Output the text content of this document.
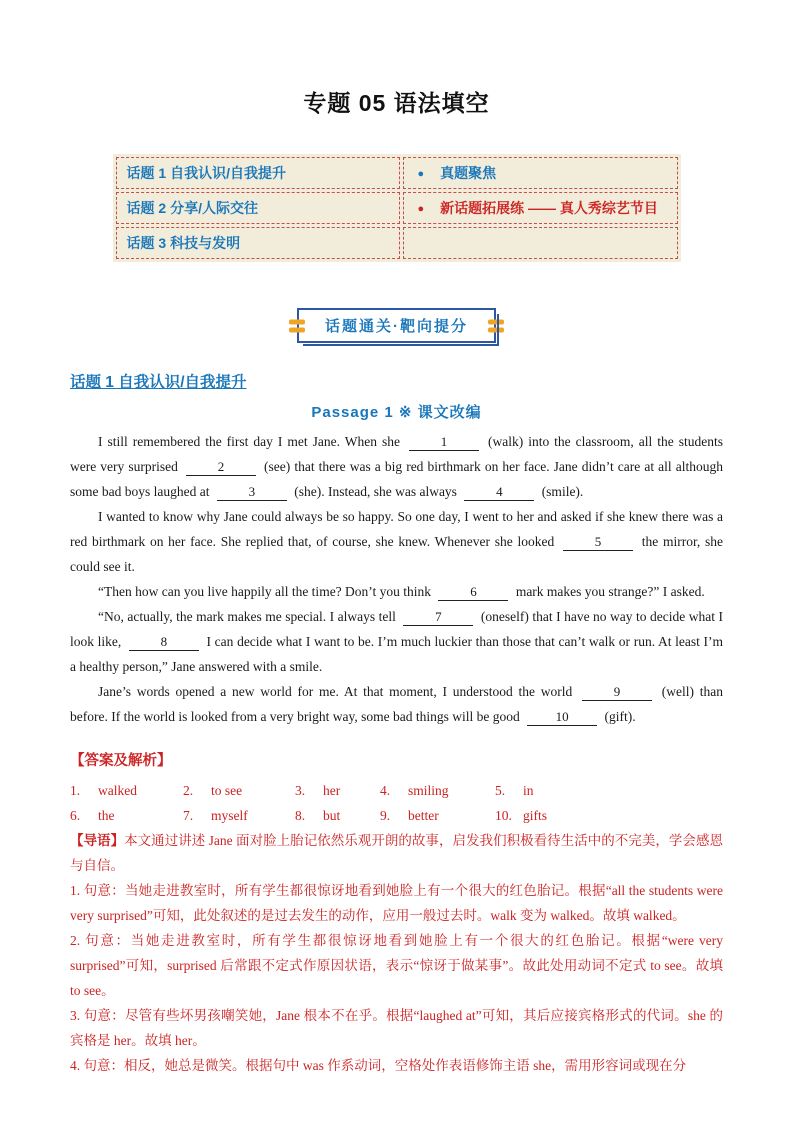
专题 05 语法填空
话题 1 自我认识/自我提升	● 真题聚焦
话题 2 分享/人际交往	● 新话题拓展练 —— 真人秀综艺节目
话题 3 科技与发明	
话题通关·靶向提分
话题 1 自我认识/自我提升
Passage 1 ※ 课文改编

I still remembered the first day I met Jane. When she	1	(walk) into the classroom, all the students were very surprised	2	(see) that there was a big red birthmark on her face. Jane didn’t care at all although some bad boys laughed at	3	(she). Instead, she was always	4	(smile).

I wanted to know why Jane could always be so happy. So one day, I went to her and asked if she knew there was a red birthmark on her face. She replied that, of course, she knew. Whenever she looked	5	the mirror, she could see it.

“Then how can you live happily all the time? Don’t you think	6	mark makes you strange?” I asked.

“No, actually, the mark makes me special. I always tell	7	(oneself) that I have no way to decide what I look like,	8	I can decide what I want to be. I’m much luckier than those that can’t walk or run. At least I’m a healthy person,” Jane answered with a smile.

Jane’s words opened a new world for me. At that moment, I understood the world	9	(well) than before. If the world is looked from a very bright way, some bad things will be good	10 (gift).

【答案及解析】
1. walked	2. to see	3. her	4. smiling	5. in
6. the	7. myself	8. but	9. better	10. gifts

【导语】本文通过讲述 Jane 面对脸上胎记依然乐观开朗的故事，启发我们积极看待生活中的不完美，学会感恩与自信。

1. 句意：当她走进教室时，所有学生都很惊讶地看到她脸上有一个很大的红色胎记。根据“all the students were very surprised”可知，此处叙述的是过去发生的动作，应用一般过去时。walk 变为 walked。故填 walked。

2. 句意：当她走进教室时，所有学生都很惊讶地看到她脸上有一个很大的红色胎记。根据“were very surprised”可知，surprised 后常跟不定式作原因状语，表示“惊讶于做某事”。故此处用动词不定式 to see。故填 to see。

3. 句意：尽管有些坏男孩嘲笑她，Jane 根本不在乎。根据“laughed at”可知，其后应接宾格形式的代词。she 的宾格是 her。故填 her。

4. 句意：相反，她总是微笑。根据句中 was 作系动词，空格处作表语修饰主语 she，需用形容词或现在分
